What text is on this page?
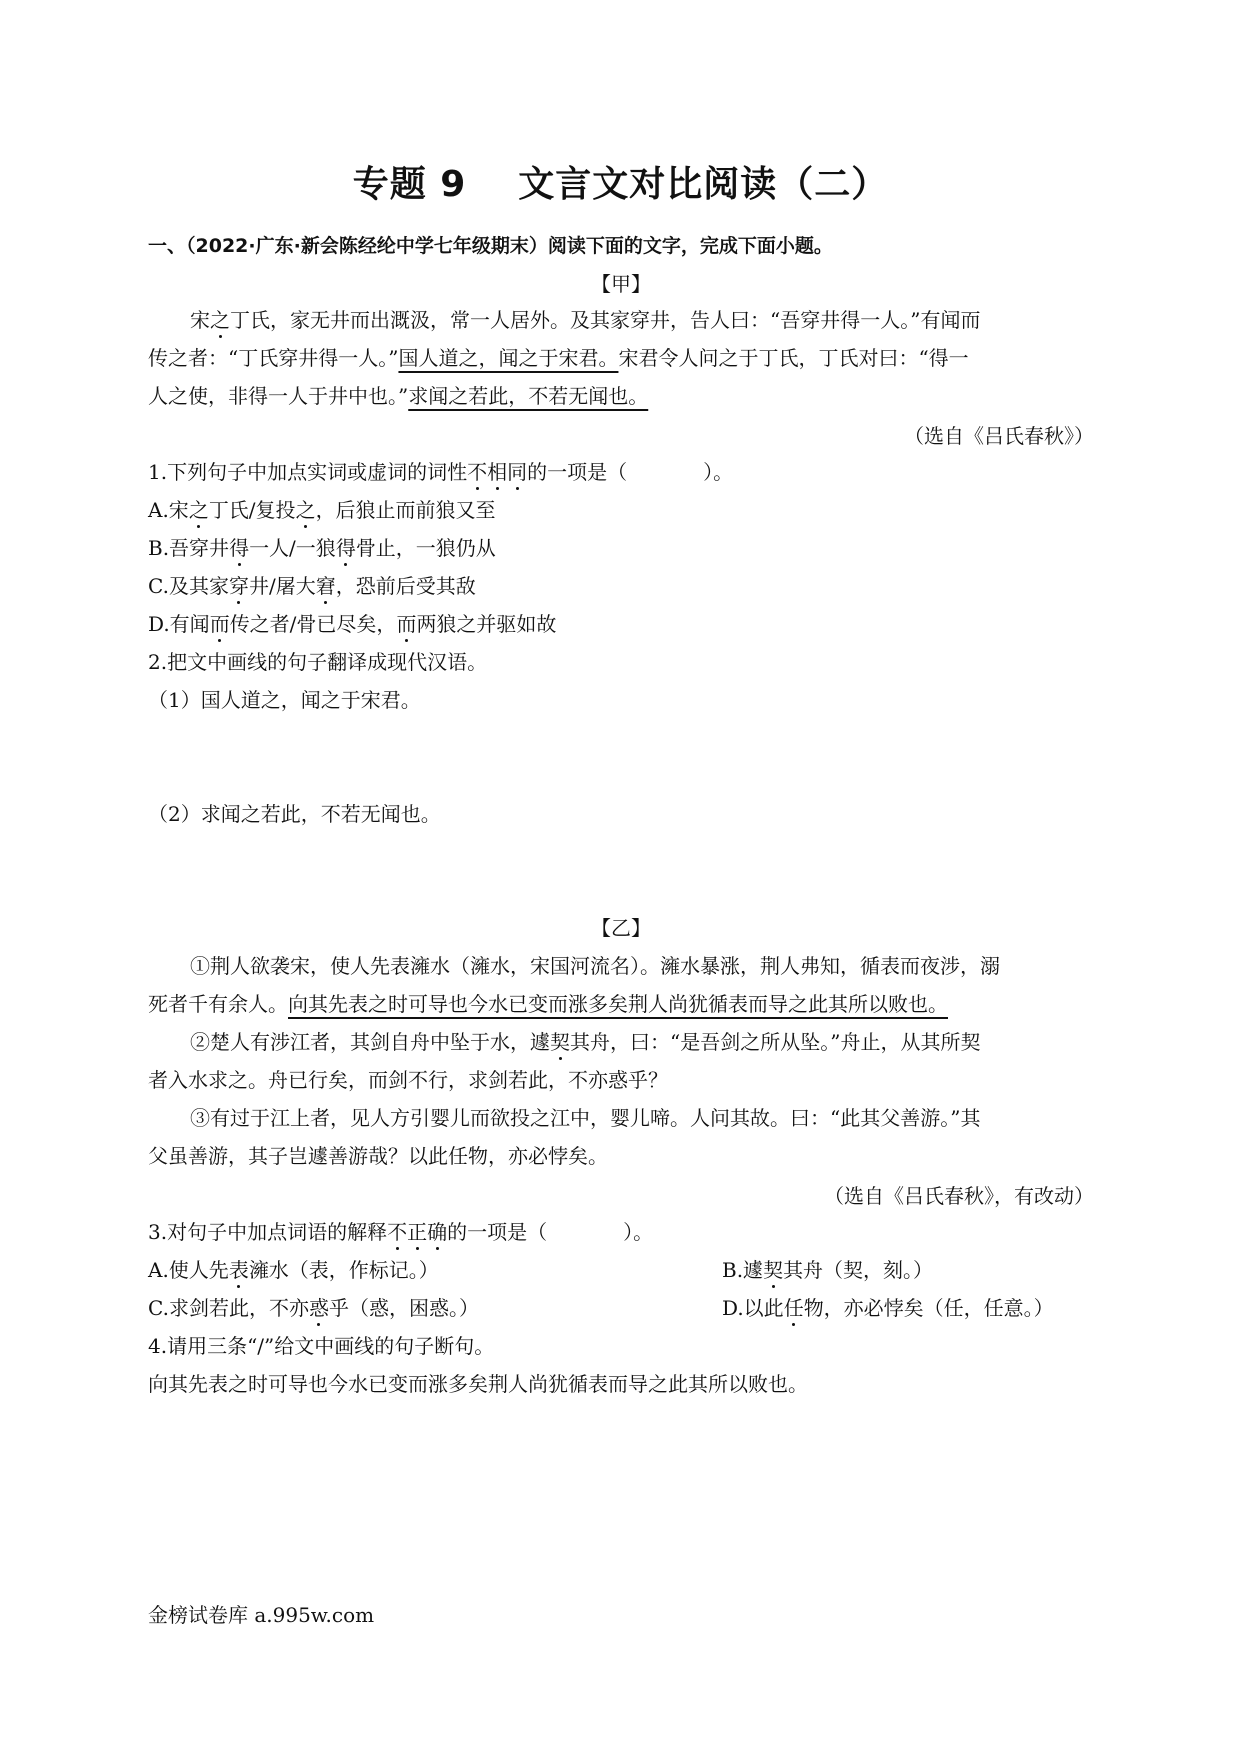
专题 9 文言文对比阅读（二）
一、（2022·广东·新会陈经纶中学七年级期末）阅读下面的文字，完成下面小题。
【甲】
宋之丁氏，家无井而出溉汲，常一人居外。及其家穿井，告人曰：“吾穿井得一人。”有闻而
传之者：“丁氏穿井得一人。”国人道之，闻之于宋君。宋君令人问之于丁氏，丁氏对曰：“得一
人之使，非得一人于井中也。”求闻之若此，不若无闻也。
（选自《吕氏春秋》）
1.下列句子中加点实词或虚词的词性不相同的一项是（	）。
A.宋之丁氏/复投之，后狼止而前狼又至
B.吾穿井得一人/一狼得骨止，一狼仍从
C.及其家穿井/屠大窘，恐前后受其敌
D.有闻而传之者/骨已尽矣，而两狼之并驱如故
2.把文中画线的句子翻译成现代汉语。
（1）国人道之，闻之于宋君。
（2）求闻之若此，不若无闻也。
【乙】
①荆人欲袭宋，使人先表澭水（澭水，宋国河流名）。澭水暴涨，荆人弗知，循表而夜涉，溺
死者千有余人。向其先表之时可导也今水已变而涨多矣荆人尚犹循表而导之此其所以败也。
②楚人有涉江者，其剑自舟中坠于水，遽契其舟，曰：“是吾剑之所从坠。”舟止，从其所契
者入水求之。舟已行矣，而剑不行，求剑若此，不亦惑乎？
③有过于江上者，见人方引婴儿而欲投之江中，婴儿啼。人问其故。曰：“此其父善游。”其
父虽善游，其子岂遽善游哉？以此任物，亦必悖矣。
（选自《吕氏春秋》，有改动）
3.对句子中加点词语的解释不正确的一项是（	）。
A.使人先表澭水（表，作标记。）	B.遽契其舟（契，刻。）
C.求剑若此，不亦惑乎（惑，困惑。）	D.以此任物，亦必悖矣（任，任意。）
4.请用三条“/”给文中画线的句子断句。
向其先表之时可导也今水已变而涨多矣荆人尚犹循表而导之此其所以败也。
金榜试卷库 a.995w.com
